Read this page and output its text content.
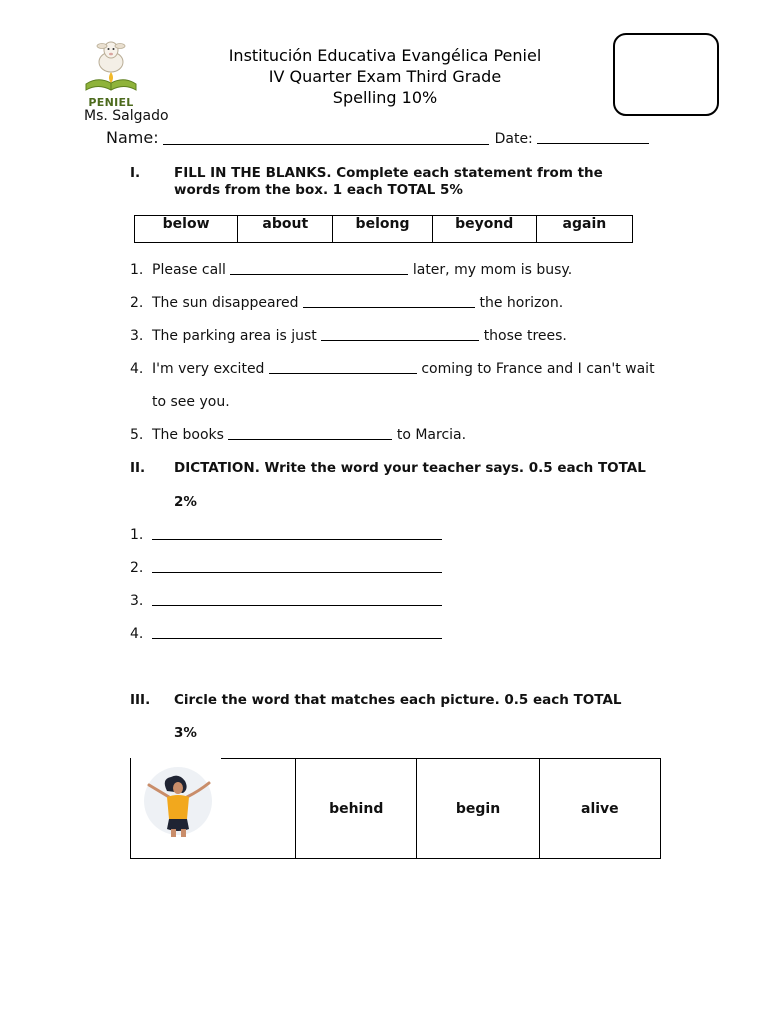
PENIEL
Institución Educativa Evangélica Peniel
IV Quarter Exam Third Grade
Spelling 10%
Ms. Salgado
Name:	Date:
I.	FILL IN THE BLANKS. Complete each statement from the words from the box. 1 each TOTAL 5%
below	about	belong	beyond	again
1. Please call	later, my mom is busy.
2. The sun disappeared	the horizon.
3. The parking area is just	those trees.
4. I'm very excited	coming to France and I can't wait
to see you.
5. The books	to Marcia.
II. DICTATION. Write the word your teacher says. 0.5 each TOTAL
2%
1.
2.
3.
4.
III. Circle the word that matches each picture. 0.5 each TOTAL
3%
behind	begin	alive
